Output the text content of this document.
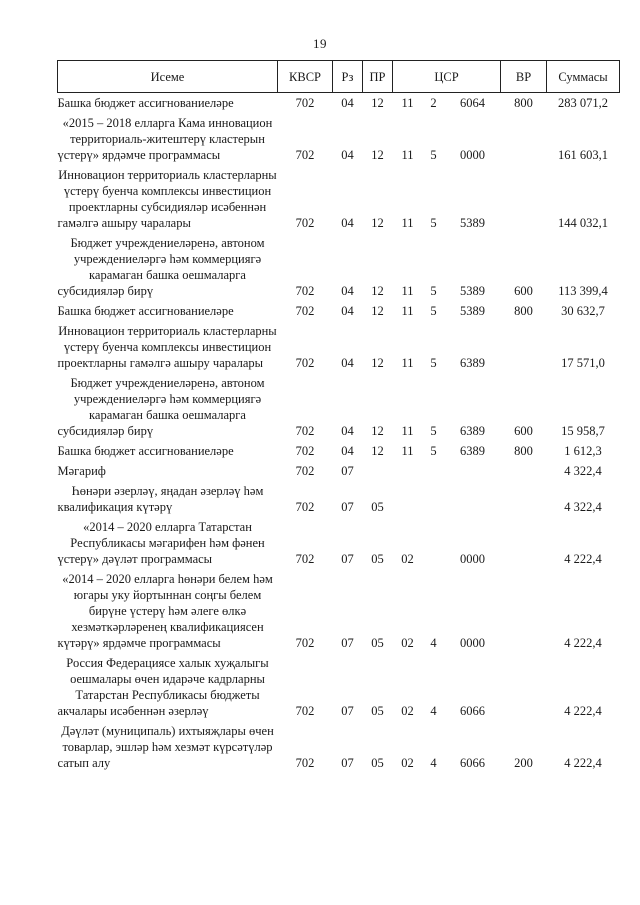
19
Исеме	КВСР	Рз	ПР	ЦСР			ВР	Суммасы
Башка бюджет ассигнованиеләре	702	04	12	11	2	6064	800	283 071,2
«2015 – 2018 елларга Кама инновацион территориаль-житештерү кластерын үстерү» ярдәмче программасы	702	04	12	11	5	0000		161 603,1
Инновацион территориаль кластерларны үстерү буенча комплексы инвестицион проектларны субсидияләр исәбеннән гамәлгә ашыру чаралары	702	04	12	11	5	5389		144 032,1
Бюджет учреждениеләренә, автоном учреждениеләргә һәм коммерциягә карамаган башка оешмаларга субсидияләр бирү	702	04	12	11	5	5389	600	113 399,4
Башка бюджет ассигнованиеләре	702	04	12	11	5	5389	800	30 632,7
Инновацион территориаль кластерларны үстерү буенча комплексы инвестицион проектларны гамәлгә ашыру чаралары	702	04	12	11	5	6389		17 571,0
Бюджет учреждениеләренә, автоном учреждениеләргә һәм коммерциягә карамаган башка оешмаларга субсидияләр бирү	702	04	12	11	5	6389	600	15 958,7
Башка бюджет ассигнованиеләре	702	04	12	11	5	6389	800	1 612,3
Мәгариф	702	07						4 322,4
Һөнәри әзерләү, яңадан әзерләү һәм квалификация күтәрү	702	07	05					4 322,4
«2014 – 2020 елларга Татарстан Республикасы мәгарифен һәм фәнен үстерү» дәүләт программасы	702	07	05	02		0000		4 222,4
«2014 – 2020 елларга һөнәри белем һәм югары уку йортыннан соңгы белем бирүне үстерү һәм әлеге өлкә хезмәткәрләренең квалификациясен күтәрү» ярдәмче программасы	702	07	05	02	4	0000		4 222,4
Россия Федерациясе халык хуҗалыгы оешмалары өчен идарәче кадрларны Татарстан Республикасы бюджеты акчалары исәбеннән әзерләү	702	07	05	02	4	6066		4 222,4
Дәүләт (муниципаль) ихтыяҗлары өчен товарлар, эшләр һәм хезмәт күрсәтүләр сатып алу	702	07	05	02	4	6066	200	4 222,4
